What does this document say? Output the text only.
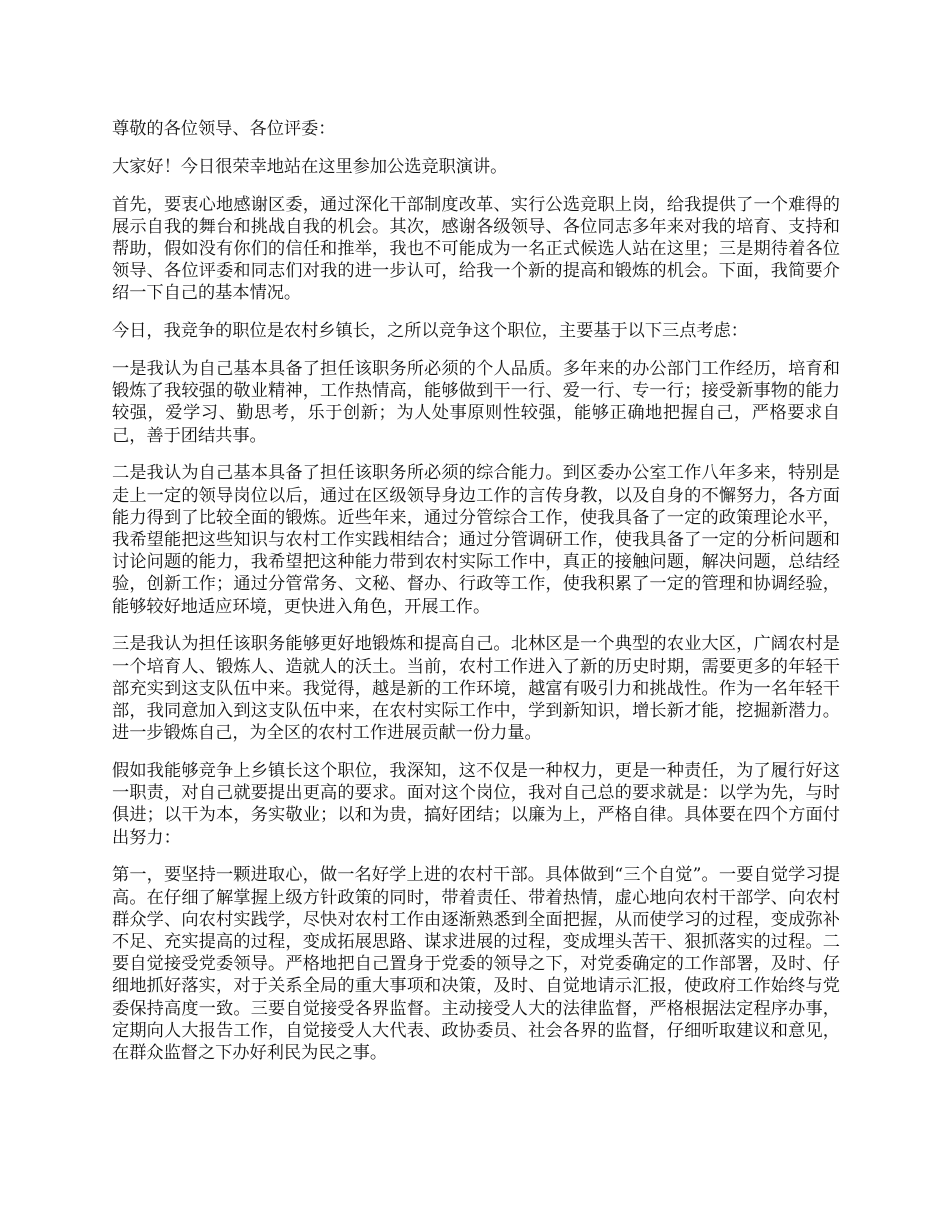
尊敬的各位领导、各位评委：

大家好！今日很荣幸地站在这里参加公选竞职演讲。

首先，要衷心地感谢区委，通过深化干部制度改革、实行公选竞职上岗，给我提供了一个难得的展示自我的舞台和挑战自我的机会。其次，感谢各级领导、各位同志多年来对我的培育、支持和帮助，假如没有你们的信任和推举，我也不可能成为一名正式候选人站在这里；三是期待着各位领导、各位评委和同志们对我的进一步认可，给我一个新的提高和锻炼的机会。下面，我简要介绍一下自己的基本情况。

今日，我竞争的职位是农村乡镇长，之所以竞争这个职位，主要基于以下三点考虑：

一是我认为自己基本具备了担任该职务所必须的个人品质。多年来的办公部门工作经历，培育和锻炼了我较强的敬业精神，工作热情高，能够做到干一行、爱一行、专一行；接受新事物的能力较强，爱学习、勤思考，乐于创新；为人处事原则性较强，能够正确地把握自己，严格要求自己，善于团结共事。

二是我认为自己基本具备了担任该职务所必须的综合能力。到区委办公室工作八年多来，特别是走上一定的领导岗位以后，通过在区级领导身边工作的言传身教，以及自身的不懈努力，各方面能力得到了比较全面的锻炼。近些年来，通过分管综合工作，使我具备了一定的政策理论水平，我希望能把这些知识与农村工作实践相结合；通过分管调研工作，使我具备了一定的分析问题和讨论问题的能力，我希望把这种能力带到农村实际工作中，真正的接触问题，解决问题，总结经验，创新工作；通过分管常务、文秘、督办、行政等工作，使我积累了一定的管理和协调经验，能够较好地适应环境，更快进入角色，开展工作。

三是我认为担任该职务能够更好地锻炼和提高自己。北林区是一个典型的农业大区，广阔农村是一个培育人、锻炼人、造就人的沃土。当前，农村工作进入了新的历史时期，需要更多的年轻干部充实到这支队伍中来。我觉得，越是新的工作环境，越富有吸引力和挑战性。作为一名年轻干部，我同意加入到这支队伍中来，在农村实际工作中，学到新知识，增长新才能，挖掘新潜力。进一步锻炼自己，为全区的农村工作进展贡献一份力量。

假如我能够竞争上乡镇长这个职位，我深知，这不仅是一种权力，更是一种责任，为了履行好这一职责，对自己就要提出更高的要求。面对这个岗位，我对自己总的要求就是：以学为先，与时俱进；以干为本，务实敬业；以和为贵，搞好团结；以廉为上，严格自律。具体要在四个方面付出努力：

第一，要坚持一颗进取心，做一名好学上进的农村干部。具体做到“三个自觉”。一要自觉学习提高。在仔细了解掌握上级方针政策的同时，带着责任、带着热情，虚心地向农村干部学、向农村群众学、向农村实践学，尽快对农村工作由逐渐熟悉到全面把握，从而使学习的过程，变成弥补不足、充实提高的过程，变成拓展思路、谋求进展的过程，变成埋头苦干、狠抓落实的过程。二要自觉接受党委领导。严格地把自己置身于党委的领导之下，对党委确定的工作部署，及时、仔细地抓好落实，对于关系全局的重大事项和决策，及时、自觉地请示汇报，使政府工作始终与党委保持高度一致。三要自觉接受各界监督。主动接受人大的法律监督，严格根据法定程序办事，定期向人大报告工作，自觉接受人大代表、政协委员、社会各界的监督，仔细听取建议和意见，在群众监督之下办好利民为民之事。
